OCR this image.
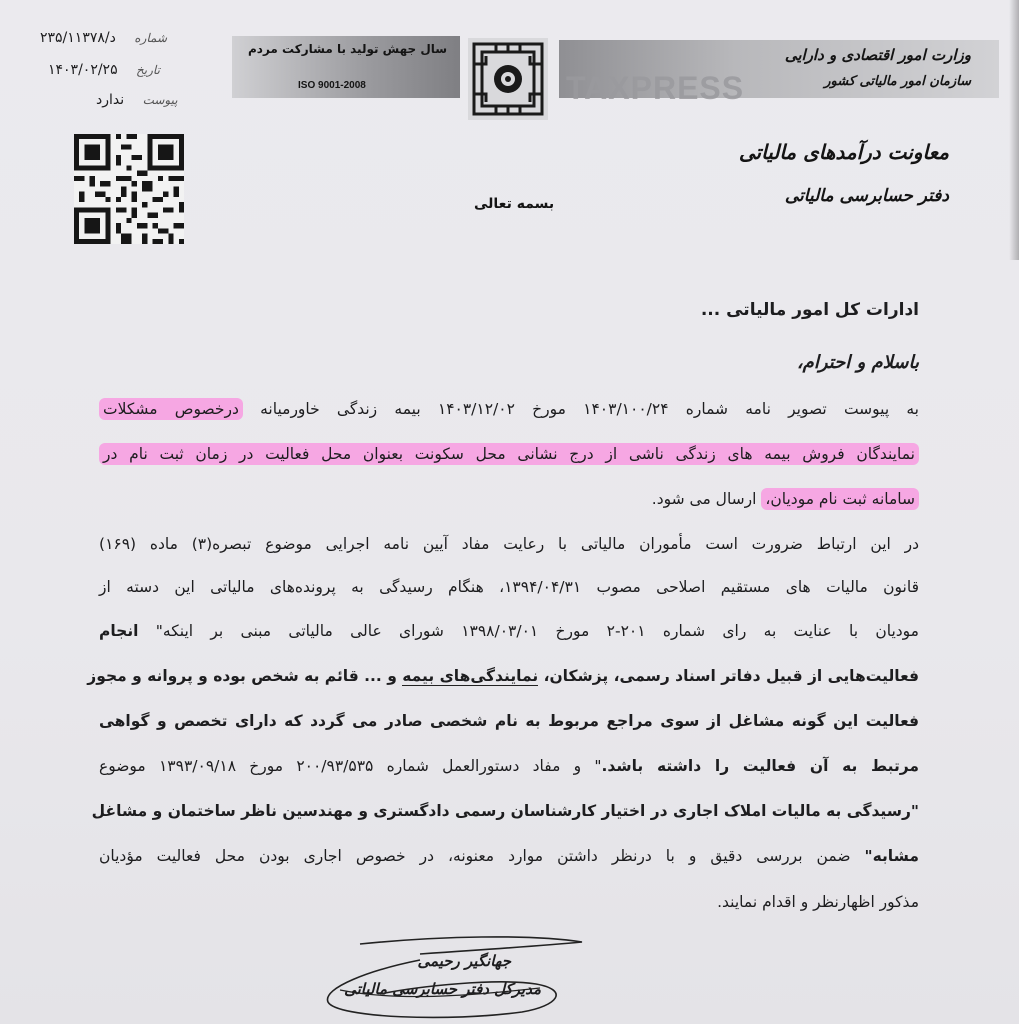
وزارت امور اقتصادی و دارایی
سازمان امور مالیاتی کشور
سال جهش تولید با مشارکت مردم
ISO 9001-2008	TAXPRESS
معاونت درآمدهای مالیاتی
دفتر حسابرسی مالیاتی
بسمه تعالی
شماره د/۲۳۵/۱۱۳۷۸
تاریخ ۱۴۰۳/۰۲/۲۵
پیوست ندارد
ادارات کل امور مالیاتی ...
باسلام و احترام،
به پیوست تصویر نامه شماره ۱۴۰۳/۱۰۰/۲۴ مورخ ۱۴۰۳/۱۲/۰۲ بیمه زندگی خاورمیانه درخصوص مشکلات
نمایندگان فروش بیمه های زندگی ناشی از درج نشانی محل سکونت بعنوان محل فعالیت در زمان ثبت نام در
سامانه ثبت نام مودیان، ارسال می شود.
در این ارتباط ضرورت است مأموران مالیاتی با رعایت مفاد آیین نامه اجرایی موضوع تبصره(۳) ماده (۱۶۹)
قانون مالیات های مستقیم اصلاحی مصوب ۱۳۹۴/۰۴/۳۱، هنگام رسیدگی به پرونده‌های مالیاتی این دسته از
مودیان با عنایت به رای شماره ۲۰۱-۲ مورخ ۱۳۹۸/۰۳/۰۱ شورای عالی مالیاتی مبنی بر اینکه" انجام
فعالیت‌هایی از قبیل دفاتر اسناد رسمی، پزشکان، نمایندگی‌های بیمه و ... قائم به شخص بوده و پروانه و مجوز
فعالیت این گونه مشاغل از سوی مراجع مربوط به نام شخصی صادر می گردد که دارای تخصص و گواهی
مرتبط به آن فعالیت را داشته باشد." و مفاد دستورالعمل شماره ۲۰۰/۹۳/۵۳۵ مورخ ۱۳۹۳/۰۹/۱۸ موضوع
"رسیدگی به مالیات املاک اجاری در اختیار کارشناسان رسمی دادگستری و مهندسین ناظر ساختمان و مشاغل
مشابه" ضمن بررسی دقیق و با درنظر داشتن موارد معنونه، در خصوص اجاری بودن محل فعالیت مؤدیان
مذکور اظهارنظر و اقدام نمایند.
جهانگیر رحیمی
مدیرکل دفتر حسابرسی مالیاتی
